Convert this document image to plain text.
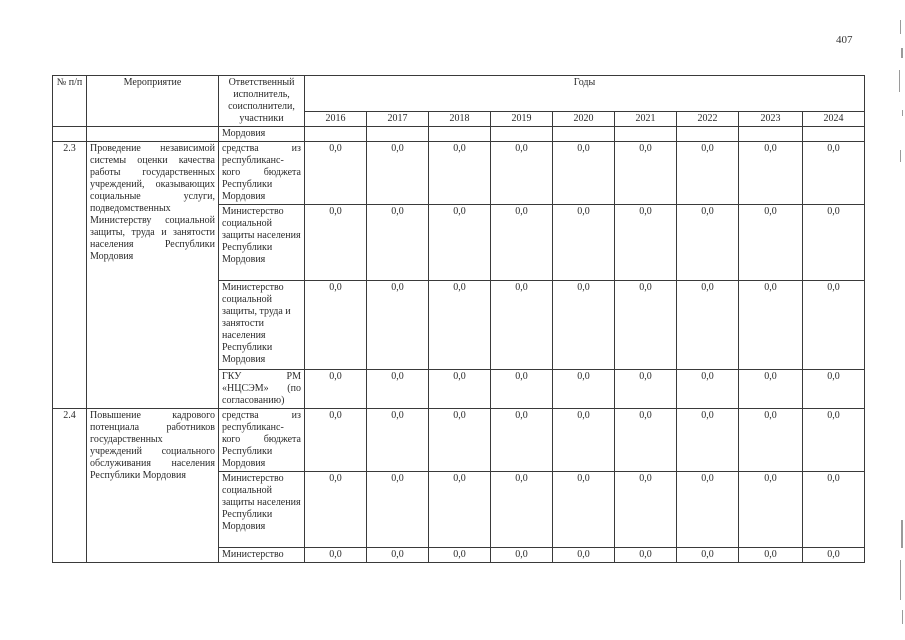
407
№ п/п	Мероприятие	Ответственный исполнитель, соисполнители, участники	Годы								
			2016	2017	2018	2019	2020	2021	2022	2023	2024
		Мордовия									
2.3	Проведение независимой системы оценки качества работы государственных учреждений, оказывающих социальные услуги, подведомственных Министерству социальной защиты, труда и занятости населения Республики Мордовия	средства из республиканс-кого бюджета Республики Мордовия	0,0	0,0	0,0	0,0	0,0	0,0	0,0	0,0	0,0
		Министерство социальной защиты населения Республики Мордовия	0,0	0,0	0,0	0,0	0,0	0,0	0,0	0,0	0,0
		Министерство социальной защиты, труда и занятости населения Республики Мордовия	0,0	0,0	0,0	0,0	0,0	0,0	0,0	0,0	0,0
		ГКУ РМ «НЦСЭМ» (по согласованию)	0,0	0,0	0,0	0,0	0,0	0,0	0,0	0,0	0,0
2.4	Повышение кадрового потенциала работников государственных учреждений социального обслуживания населения Республики Мордовия	средства из республиканс-кого бюджета Республики Мордовия	0,0	0,0	0,0	0,0	0,0	0,0	0,0	0,0	0,0
		Министерство социальной защиты населения Республики Мордовия	0,0	0,0	0,0	0,0	0,0	0,0	0,0	0,0	0,0
		Министерство	0,0	0,0	0,0	0,0	0,0	0,0	0,0	0,0	0,0
